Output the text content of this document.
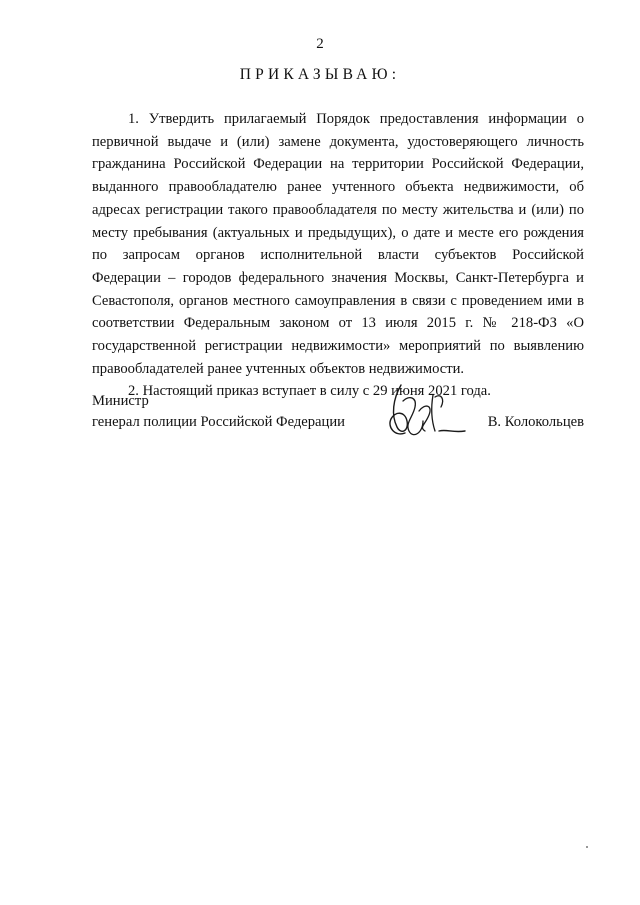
2
ПРИКАЗЫВАЮ:

1. Утвердить прилагаемый Порядок предоставления информации о первичной выдаче и (или) замене документа, удостоверяющего личность гражданина Российской Федерации на территории Российской Федерации, выданного правообладателю ранее учтенного объекта недвижимости, об адресах регистрации такого правообладателя по месту жительства и (или) по месту пребывания (актуальных и предыдущих), о дате и месте его рождения по запросам органов исполнительной власти субъектов Российской Федерации – городов федерального значения Москвы, Санкт-Петербурга и Севастополя, органов местного самоуправления в связи с проведением ими в соответствии Федеральным законом от 13 июля 2015 г. № 218-ФЗ «О государственной регистрации недвижимости» мероприятий по выявлению правообладателей ранее учтенных объектов недвижимости.

2. Настоящий приказ вступает в силу с 29 июня 2021 года.

Министр
генерал полиции Российской Федерации	В. Колокольцев
